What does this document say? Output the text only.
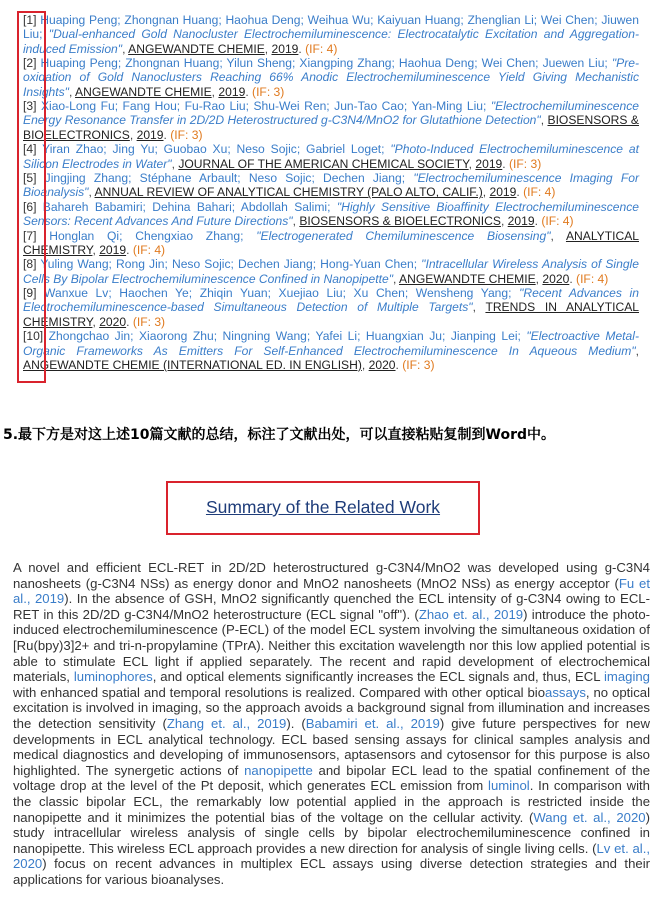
[1] Huaping Peng; Zhongnan Huang; Haohua Deng; Weihua Wu; Kaiyuan Huang; Zhenglian Li; Wei Chen; Jiuwen Liu; "Dual-enhanced Gold Nanocluster Electrochemiluminescence: Electrocatalytic Excitation and Aggregation-induced Emission", ANGEWANDTE CHEMIE, 2019. (IF: 4)
[2] Huaping Peng; Zhongnan Huang; Yilun Sheng; Xiangping Zhang; Haohua Deng; Wei Chen; Juewen Liu; "Pre-oxidation of Gold Nanoclusters Reaching 66% Anodic Electrochemiluminescence Yield Giving Mechanistic Insights", ANGEWANDTE CHEMIE, 2019. (IF: 3)
[3] Xiao-Long Fu; Fang Hou; Fu-Rao Liu; Shu-Wei Ren; Jun-Tao Cao; Yan-Ming Liu; "Electrochemiluminescence Energy Resonance Transfer in 2D/2D Heterostructured g-C3N4/MnO2 for Glutathione Detection", BIOSENSORS & BIOELECTRONICS, 2019. (IF: 3)
[4] Yiran Zhao; Jing Yu; Guobao Xu; Neso Sojic; Gabriel Loget; "Photo-Induced Electrochemiluminescence at Silicon Electrodes in Water", JOURNAL OF THE AMERICAN CHEMICAL SOCIETY, 2019. (IF: 3)
[5] Jingjing Zhang; Stéphane Arbault; Neso Sojic; Dechen Jiang; "Electrochemiluminescence Imaging For Bioanalysis", ANNUAL REVIEW OF ANALYTICAL CHEMISTRY (PALO ALTO, CALIF.), 2019. (IF: 4)
[6] Bahareh Babamiri; Dehina Bahari; Abdollah Salimi; "Highly Sensitive Bioaffinity Electrochemiluminescence Sensors: Recent Advances And Future Directions", BIOSENSORS & BIOELECTRONICS, 2019. (IF: 4)
[7] Honglan Qi; Chengxiao Zhang; "Electrogenerated Chemiluminescence Biosensing", ANALYTICAL CHEMISTRY, 2019. (IF: 4)
[8] Yuling Wang; Rong Jin; Neso Sojic; Dechen Jiang; Hong-Yuan Chen; "Intracellular Wireless Analysis of Single Cells By Bipolar Electrochemiluminescence Confined in Nanopipette", ANGEWANDTE CHEMIE, 2020. (IF: 4)
[9] Wanxue Lv; Haochen Ye; Zhiqin Yuan; Xuejiao Liu; Xu Chen; Wensheng Yang; "Recent Advances in Electrochemiluminescence-based Simultaneous Detection of Multiple Targets", TRENDS IN ANALYTICAL CHEMISTRY, 2020. (IF: 3)
[10] Zhongchao Jin; Xiaorong Zhu; Ningning Wang; Yafei Li; Huangxian Ju; Jianping Lei; "Electroactive Metal-Organic Frameworks As Emitters For Self-Enhanced Electrochemiluminescence In Aqueous Medium", ANGEWANDTE CHEMIE (INTERNATIONAL ED. IN ENGLISH), 2020. (IF: 3)
5.最下方是对这上述10篇文献的总结，标注了文献出处，可以直接粘贴复制到Word中。
Summary of the Related Work
A novel and efficient ECL-RET in 2D/2D heterostructured g-C3N4/MnO2 was developed using g-C3N4 nanosheets (g-C3N4 NSs) as energy donor and MnO2 nanosheets (MnO2 NSs) as energy acceptor (Fu et al., 2019). In the absence of GSH, MnO2 significantly quenched the ECL intensity of g-C3N4 owing to ECL-RET in this 2D/2D g-C3N4/MnO2 heterostructure (ECL signal "off"). (Zhao et. al., 2019) introduce the photo-induced electrochemiluminescence (P-ECL) of the model ECL system involving the simultaneous oxidation of [Ru(bpy)3]2+ and tri-n-propylamine (TPrA). Neither this excitation wavelength nor this low applied potential is able to stimulate ECL light if applied separately. The recent and rapid development of electrochemical materials, luminophores, and optical elements significantly increases the ECL signals and, thus, ECL imaging with enhanced spatial and temporal resolutions is realized. Compared with other optical bioassays, no optical excitation is involved in imaging, so the approach avoids a background signal from illumination and increases the detection sensitivity (Zhang et. al., 2019). (Babamiri et. al., 2019) give future perspectives for new developments in ECL analytical technology. ECL based sensing assays for clinical samples analysis and medical diagnostics and developing of immunosensors, aptasensors and cytosensor for this purpose is also highlighted. The synergetic actions of nanopipette and bipolar ECL lead to the spatial confinement of the voltage drop at the level of the Pt deposit, which generates ECL emission from luminol. In comparison with the classic bipolar ECL, the remarkably low potential applied in the approach is restricted inside the nanopipette and it minimizes the potential bias of the voltage on the cellular activity. (Wang et. al., 2020) study intracellular wireless analysis of single cells by bipolar electrochemiluminescence confined in nanopipette. This wireless ECL approach provides a new direction for analysis of single living cells. (Lv et. al., 2020) focus on recent advances in multiplex ECL assays using diverse detection strategies and their applications for various bioanalyses.
